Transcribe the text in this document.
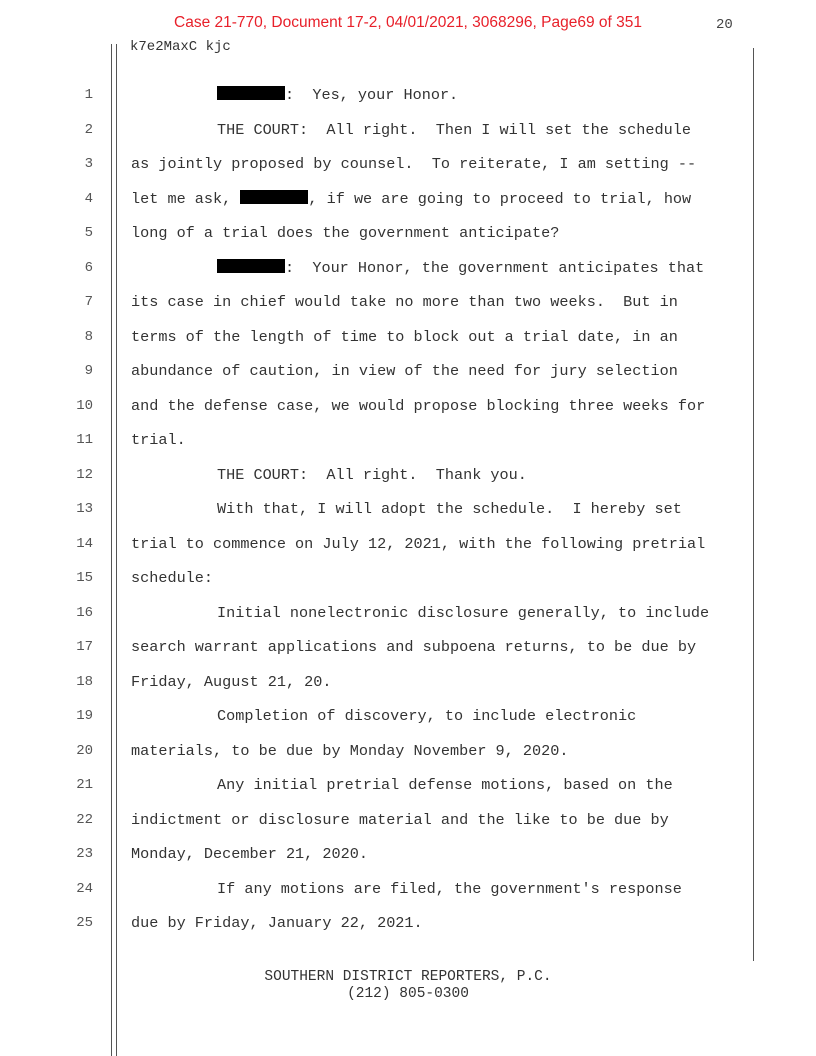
Case 21-770, Document 17-2, 04/01/2021, 3068296, Page69 of 351	20
k7e2MaxC kjc
1	:  Yes, your Honor.
2	THE COURT:  All right.  Then I will set the schedule
3	as jointly proposed by counsel.  To reiterate, I am setting --
4	let me ask,	, if we are going to proceed to trial, how
5	long of a trial does the government anticipate?
6	:  Your Honor, the government anticipates that
7	its case in chief would take no more than two weeks.  But in
8	terms of the length of time to block out a trial date, in an
9	abundance of caution, in view of the need for jury selection
10	and the defense case, we would propose blocking three weeks for
11	trial.
12	THE COURT:  All right.  Thank you.
13	With that, I will adopt the schedule.  I hereby set
14	trial to commence on July 12, 2021, with the following pretrial
15	schedule:
16	Initial nonelectronic disclosure generally, to include
17	search warrant applications and subpoena returns, to be due by
18	Friday, August 21, 20.
19	Completion of discovery, to include electronic
20	materials, to be due by Monday November 9, 2020.
21	Any initial pretrial defense motions, based on the
22	indictment or disclosure material and the like to be due by
23	Monday, December 21, 2020.
24	If any motions are filed, the government's response
25	due by Friday, January 22, 2021.
SOUTHERN DISTRICT REPORTERS, P.C.
(212) 805-0300
